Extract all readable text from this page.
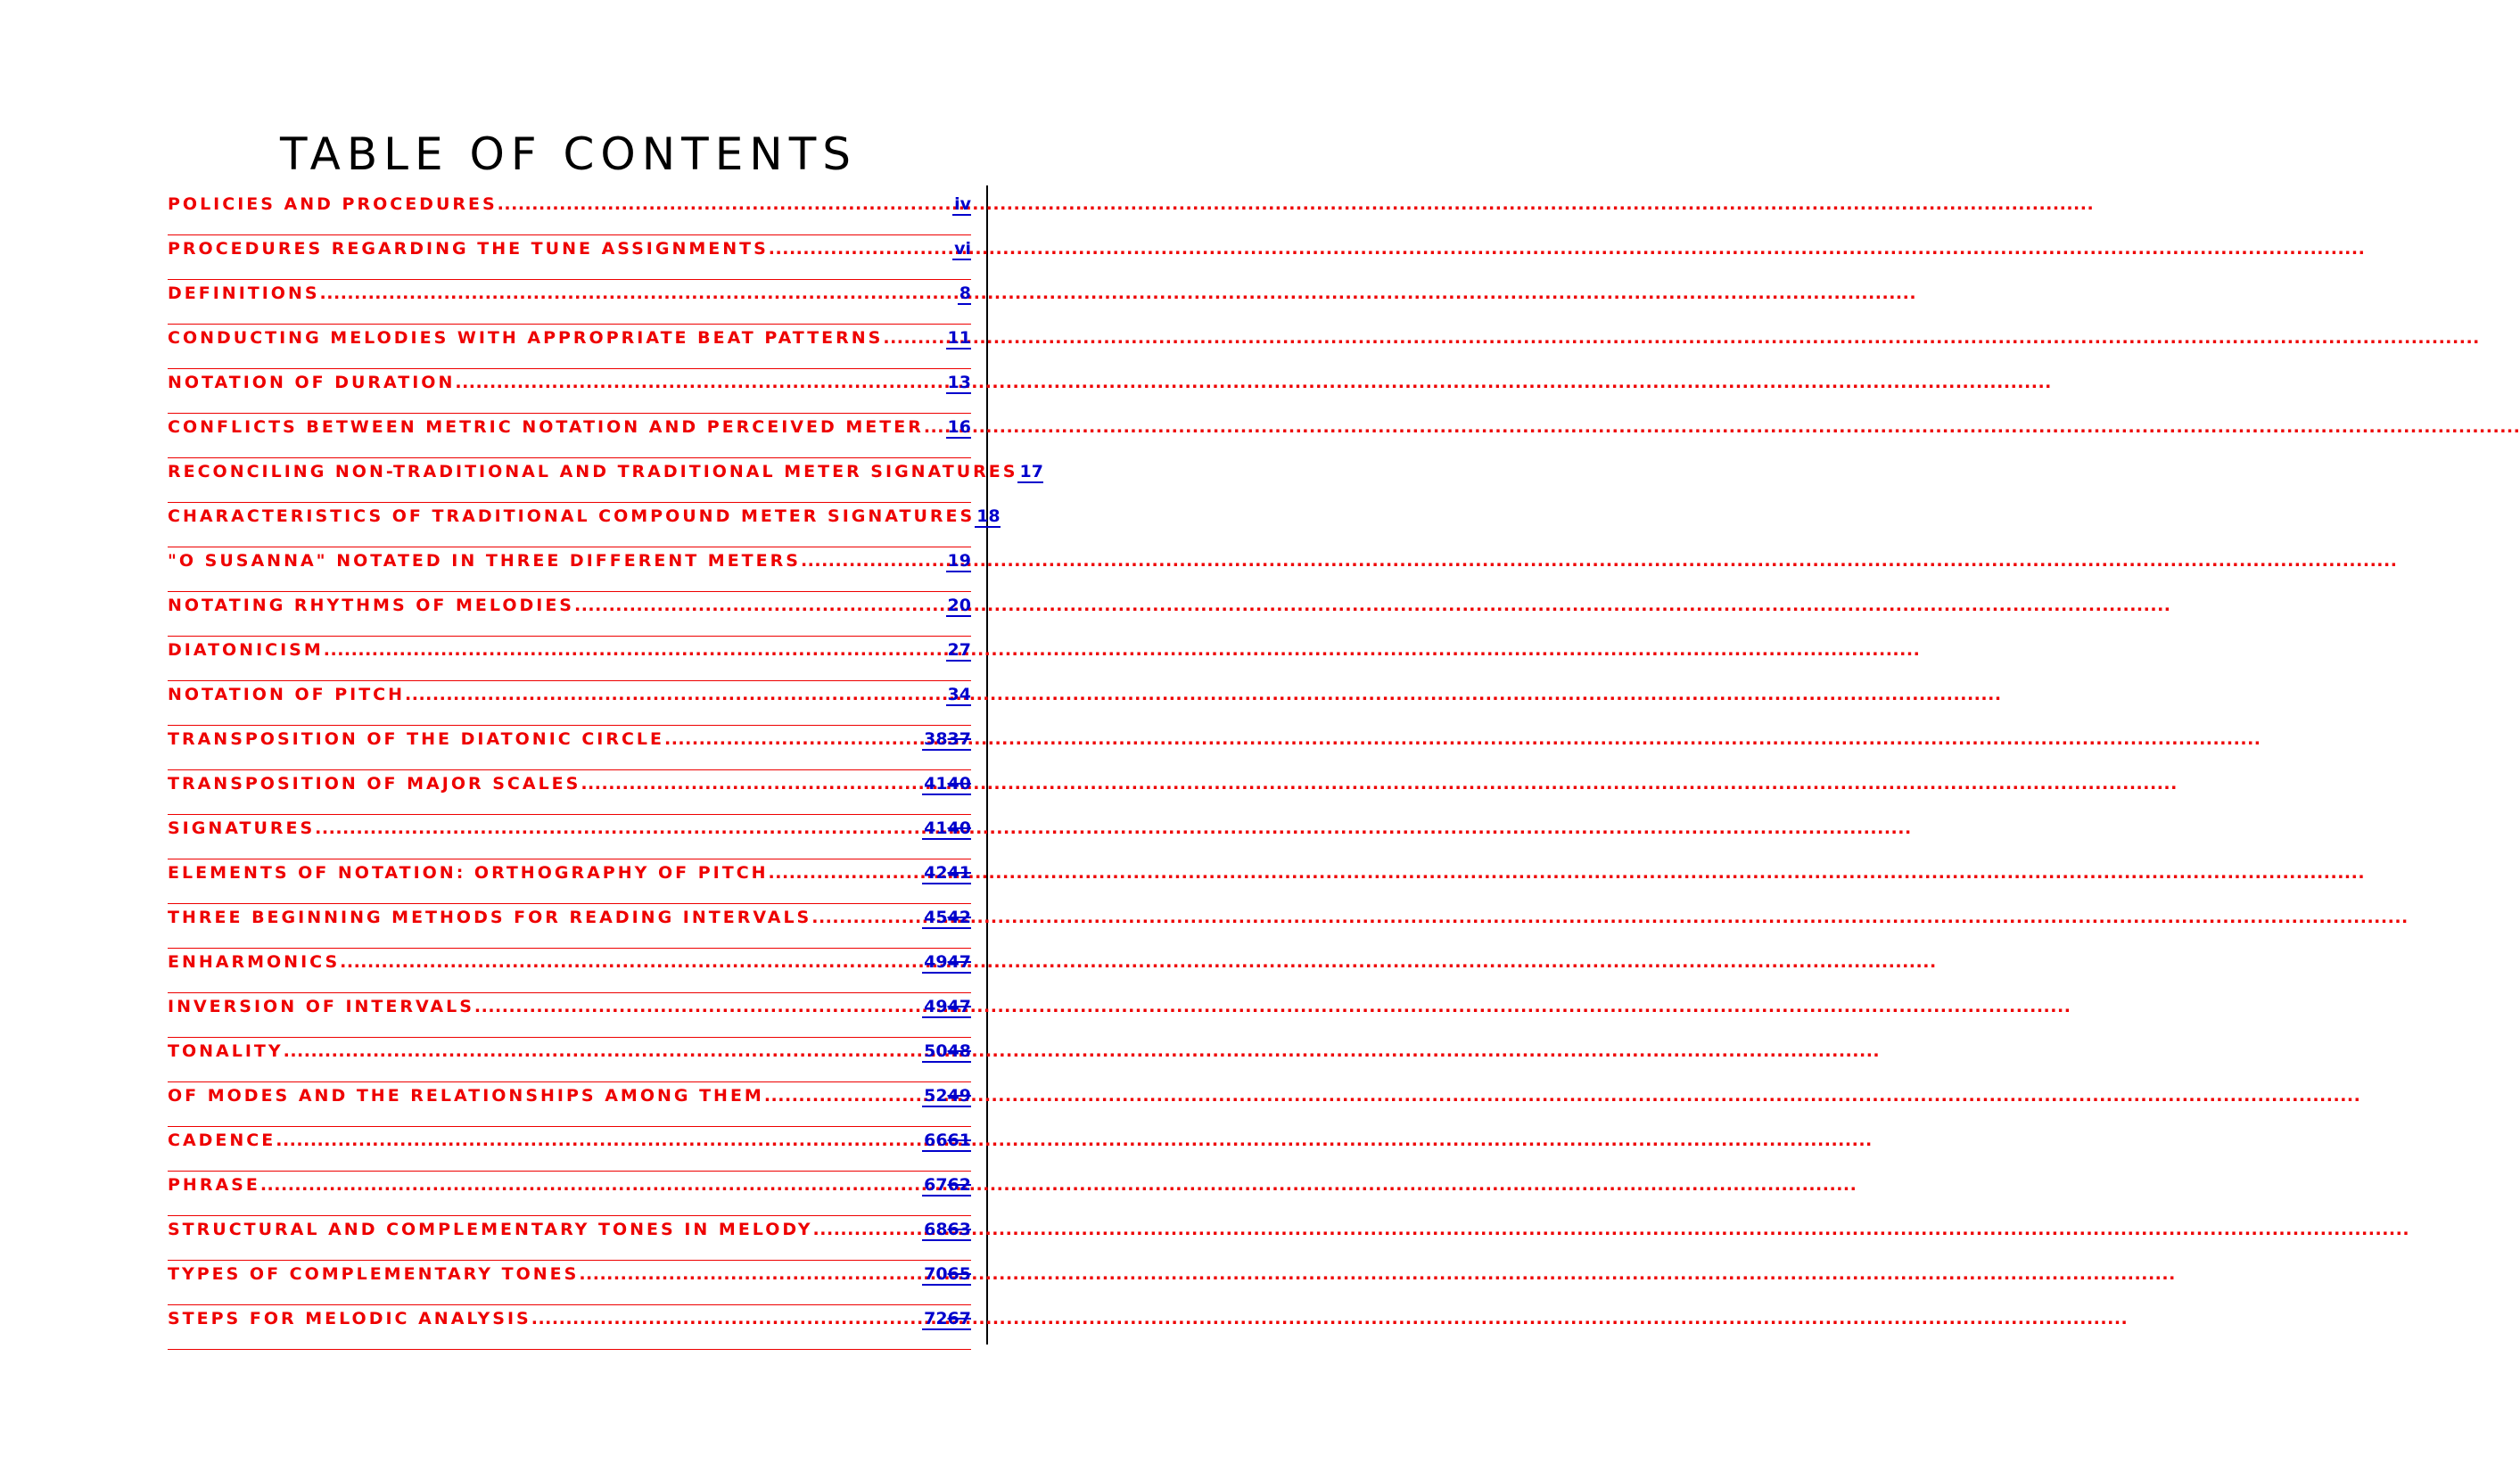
TABLE OF CONTENTS
POLICIES AND PROCEDURES .....	iv
PROCEDURES REGARDING THE TUNE ASSIGNMENTS .....	vi
DEFINITIONS .....	8
CONDUCTING MELODIES WITH APPROPRIATE BEAT PATTERNS .....	11
NOTATION OF DURATION .....	13
CONFLICTS BETWEEN METRIC NOTATION AND PERCEIVED METER ..... 16
RECONCILING NON-TRADITIONAL AND TRADITIONAL METER SIGNATURES 17
CHARACTERISTICS OF TRADITIONAL COMPOUND METER SIGNATURES 18
"O SUSANNA" NOTATED IN THREE DIFFERENT METERS .....	19
NOTATING RHYTHMS OF MELODIES .....	20
DIATONICISM .....	27
NOTATION OF PITCH .....	34
TRANSPOSITION OF THE DIATONIC CIRCLE .....	3837
TRANSPOSITION OF MAJOR SCALES .....	4140
SIGNATURES .....	4140
ELEMENTS OF NOTATION: ORTHOGRAPHY OF PITCH .....	4241
THREE BEGINNING METHODS FOR READING INTERVALS .....	4542
ENHARMONICS .....	4947
INVERSION OF INTERVALS .....	4947
TONALITY .....	5048
OF MODES AND THE RELATIONSHIPS AMONG THEM .....	5249
CADENCE .....	6661
PHRASE .....	6762
STRUCTURAL AND COMPLEMENTARY TONES IN MELODY .....	6863
TYPES OF COMPLEMENTARY TONES .....	7065
STEPS FOR MELODIC ANALYSIS .....	7267
